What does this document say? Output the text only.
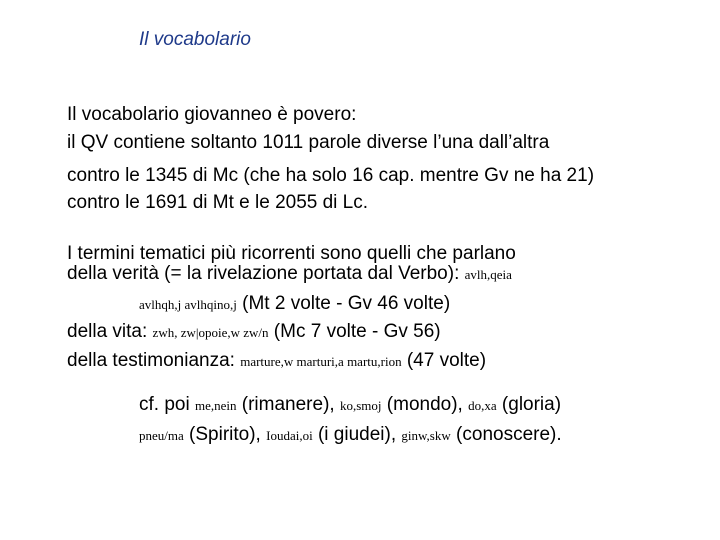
Il vocabolario
Il vocabolario giovanneo è povero:
il QV contiene soltanto 1011 parole diverse l’una dall’altra
contro le 1345 di Mc (che ha solo 16 cap. mentre Gv ne ha 21)
contro le 1691 di Mt e le 2055 di Lc.
I termini tematici più ricorrenti sono quelli che parlano
della verità (= la rivelazione portata dal Verbo): avlh,qeia
avlhqh,j avlhqino,j (Mt 2 volte - Gv 46 volte)
della vita: zwh, zw|opoie,w zw/n (Mc 7 volte - Gv 56)
della testimonianza: marture,w marturi,a martu,rion (47 volte)
cf. poi me,nein (rimanere), ko,smoj (mondo), do,xa (gloria)
pneu/ma (Spirito), Ioudai,oi (i giudei), ginw,skw (conoscere).
